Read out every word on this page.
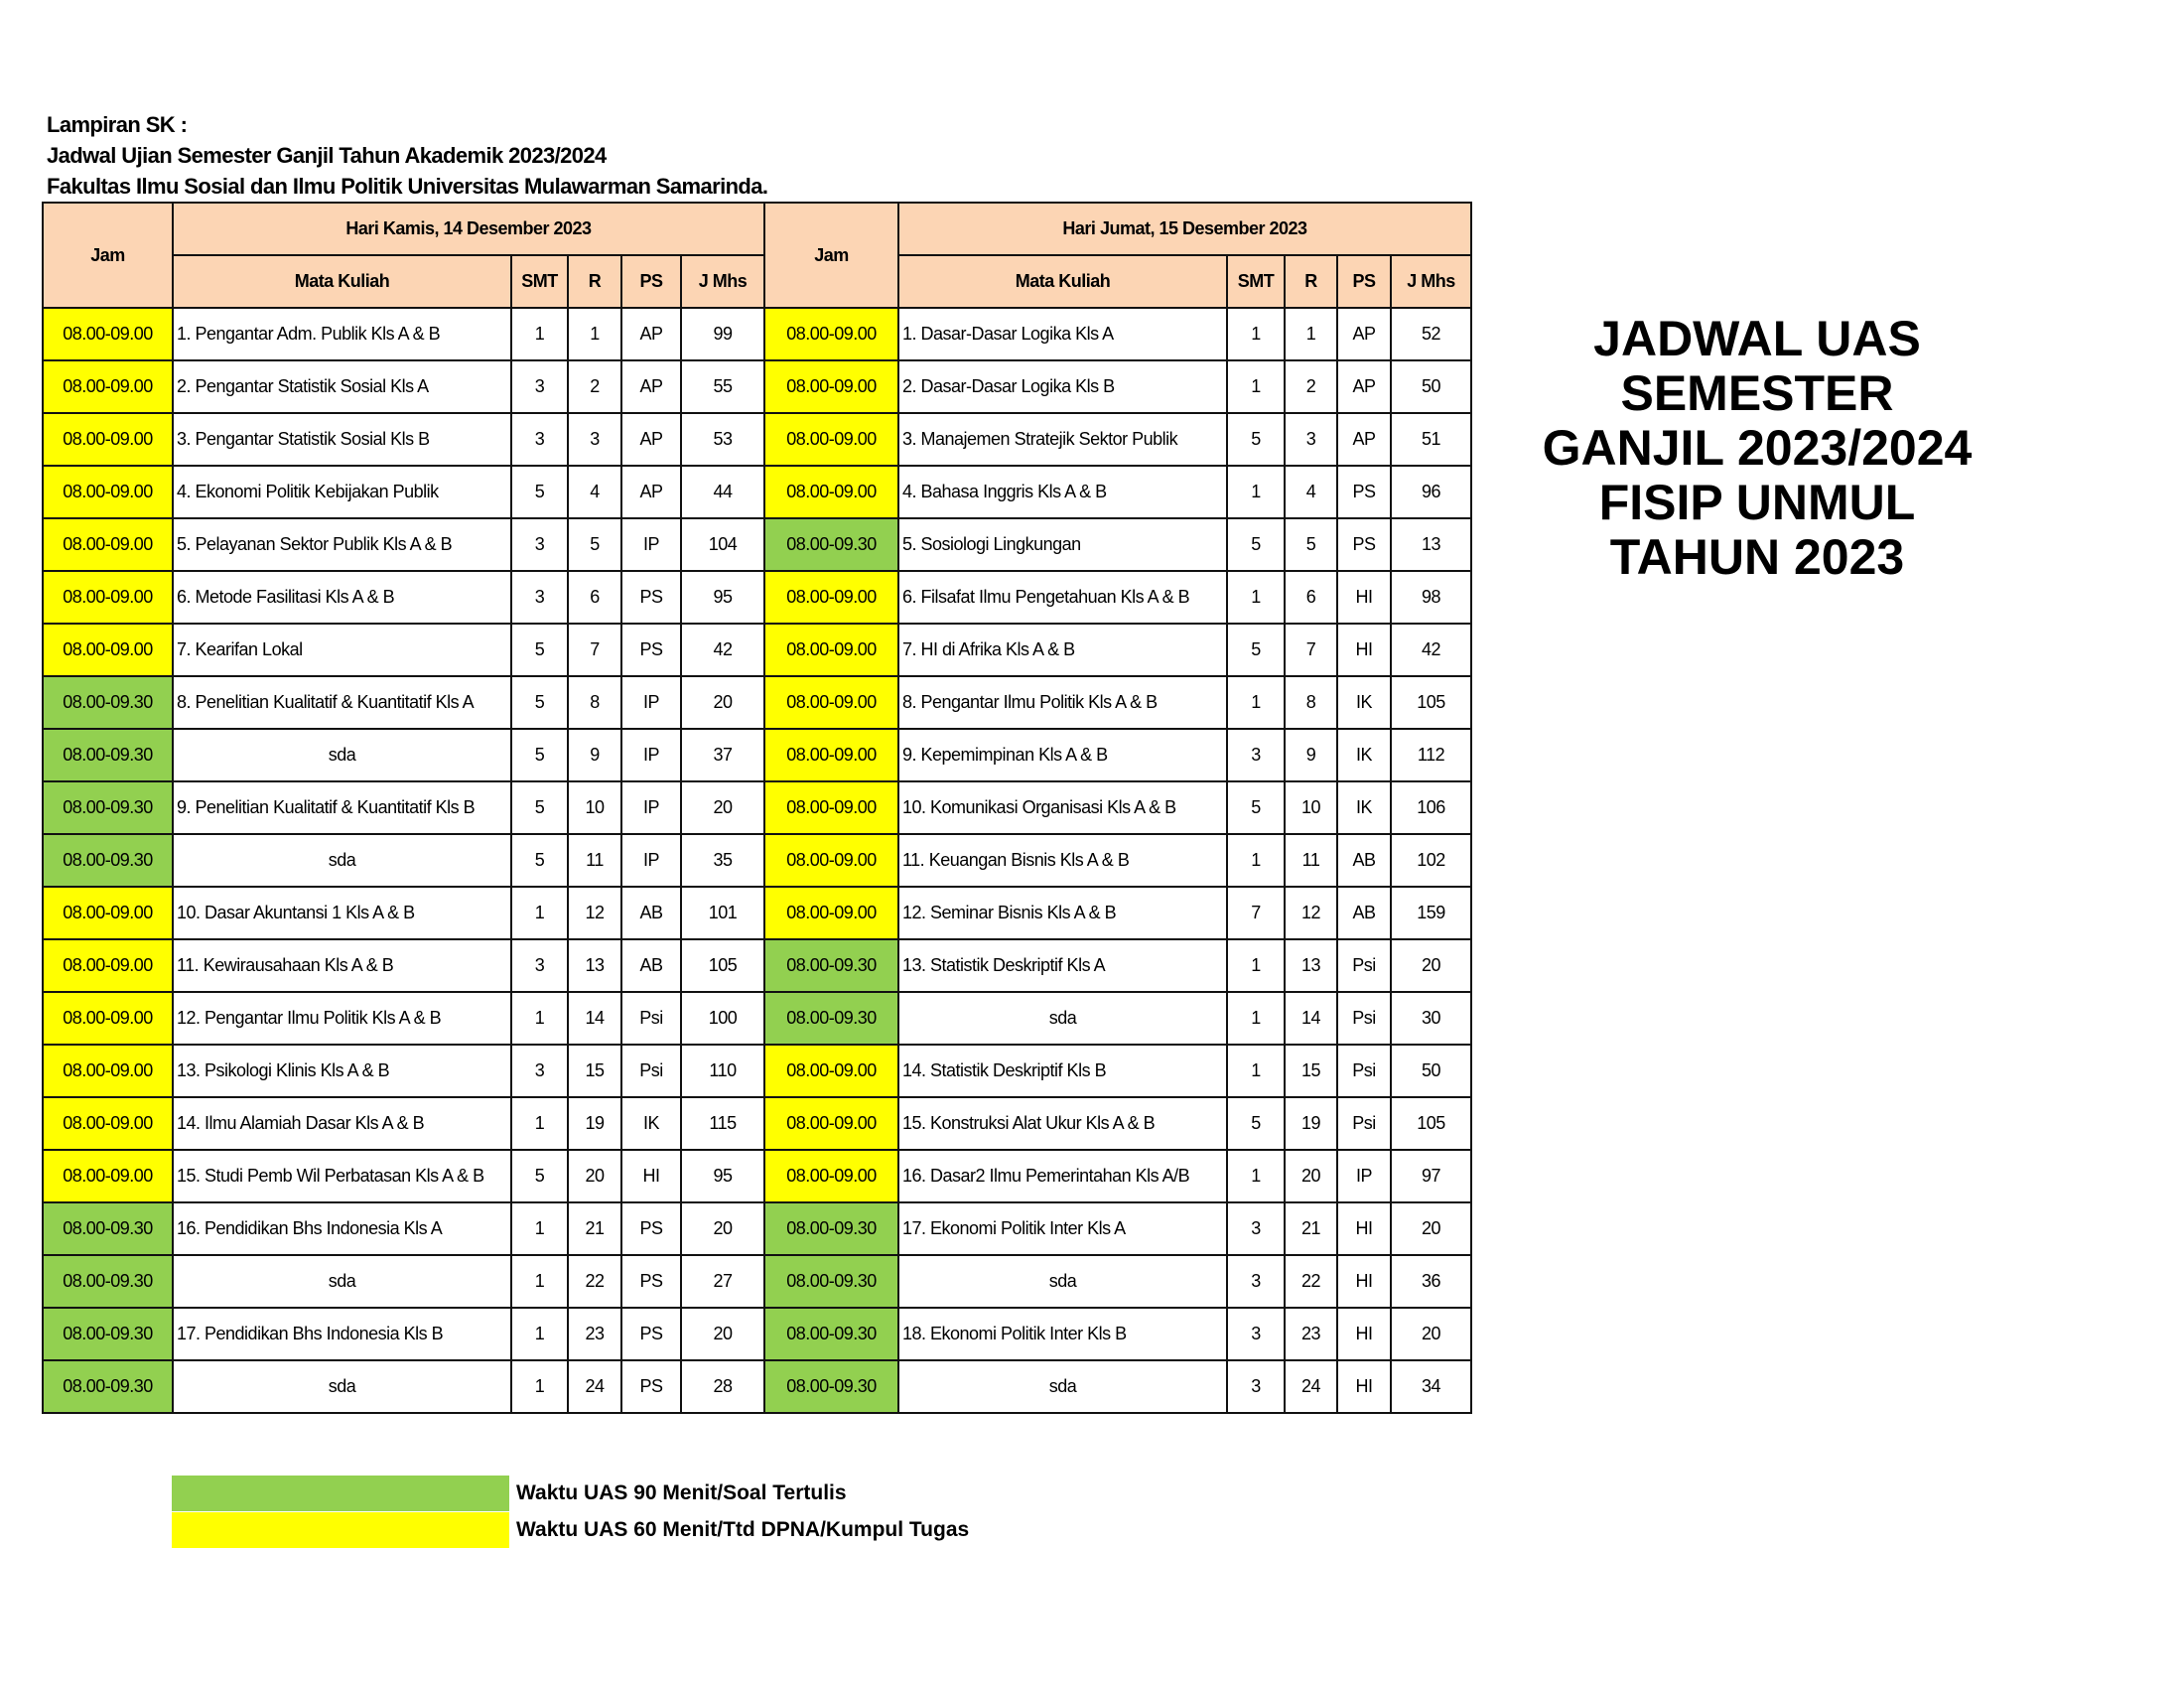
Lampiran SK :
Jadwal Ujian Semester Ganjil Tahun Akademik 2023/2024
Fakultas Ilmu Sosial dan Ilmu Politik Universitas Mulawarman Samarinda.
Jam	Hari Kamis, 14 Desember 2023					Jam	Hari Jumat, 15 Desember 2023				
	Mata Kuliah	SMT	R	PS	J Mhs		Mata Kuliah	SMT	R	PS	J Mhs
08.00-09.00	1. Pengantar Adm. Publik Kls A & B	1	1	AP	99	08.00-09.00	1. Dasar-Dasar Logika Kls A	1	1	AP	52
08.00-09.00	2. Pengantar Statistik Sosial Kls A	3	2	AP	55	08.00-09.00	2. Dasar-Dasar Logika Kls B	1	2	AP	50
08.00-09.00	3. Pengantar Statistik Sosial Kls B	3	3	AP	53	08.00-09.00	3. Manajemen Stratejik Sektor Publik	5	3	AP	51
08.00-09.00	4. Ekonomi Politik Kebijakan Publik	5	4	AP	44	08.00-09.00	4. Bahasa Inggris Kls A & B	1	4	PS	96
08.00-09.00	5. Pelayanan Sektor Publik Kls A & B	3	5	IP	104	08.00-09.30	5. Sosiologi Lingkungan	5	5	PS	13
08.00-09.00	6. Metode Fasilitasi Kls A & B	3	6	PS	95	08.00-09.00	6. Filsafat Ilmu Pengetahuan Kls A & B	1	6	HI	98
08.00-09.00	7. Kearifan Lokal	5	7	PS	42	08.00-09.00	7. HI di Afrika Kls A & B	5	7	HI	42
08.00-09.30	8. Penelitian Kualitatif & Kuantitatif Kls A	5	8	IP	20	08.00-09.00	8. Pengantar Ilmu Politik Kls A & B	1	8	IK	105
08.00-09.30	sda	5	9	IP	37	08.00-09.00	9. Kepemimpinan Kls A & B	3	9	IK	112
08.00-09.30	9. Penelitian Kualitatif & Kuantitatif Kls B	5	10	IP	20	08.00-09.00	10. Komunikasi Organisasi Kls A & B	5	10	IK	106
08.00-09.30	sda	5	11	IP	35	08.00-09.00	11. Keuangan Bisnis Kls A & B	1	11	AB	102
08.00-09.00	10. Dasar Akuntansi 1 Kls A & B	1	12	AB	101	08.00-09.00	12. Seminar Bisnis Kls A & B	7	12	AB	159
08.00-09.00	11. Kewirausahaan Kls A & B	3	13	AB	105	08.00-09.30	13. Statistik Deskriptif Kls A	1	13	Psi	20
08.00-09.00	12. Pengantar Ilmu Politik Kls A & B	1	14	Psi	100	08.00-09.30	sda	1	14	Psi	30
08.00-09.00	13. Psikologi Klinis Kls A & B	3	15	Psi	110	08.00-09.00	14. Statistik Deskriptif Kls B	1	15	Psi	50
08.00-09.00	14. Ilmu Alamiah Dasar Kls A & B	1	19	IK	115	08.00-09.00	15. Konstruksi Alat Ukur Kls A & B	5	19	Psi	105
08.00-09.00	15. Studi Pemb Wil Perbatasan Kls A & B	5	20	HI	95	08.00-09.00	16. Dasar2 Ilmu Pemerintahan Kls A/B	1	20	IP	97
08.00-09.30	16. Pendidikan Bhs Indonesia Kls A	1	21	PS	20	08.00-09.30	17. Ekonomi Politik Inter Kls A	3	21	HI	20
08.00-09.30	sda	1	22	PS	27	08.00-09.30	sda	3	22	HI	36
08.00-09.30	17. Pendidikan Bhs Indonesia Kls B	1	23	PS	20	08.00-09.30	18. Ekonomi Politik Inter Kls B	3	23	HI	20
08.00-09.30	sda	1	24	PS	28	08.00-09.30	sda	3	24	HI	34
Waktu UAS 90 Menit/Soal Tertulis
Waktu UAS 60 Menit/Ttd DPNA/Kumpul Tugas
JADWAL UAS
SEMESTER
GANJIL 2023/2024
FISIP UNMUL
TAHUN 2023
